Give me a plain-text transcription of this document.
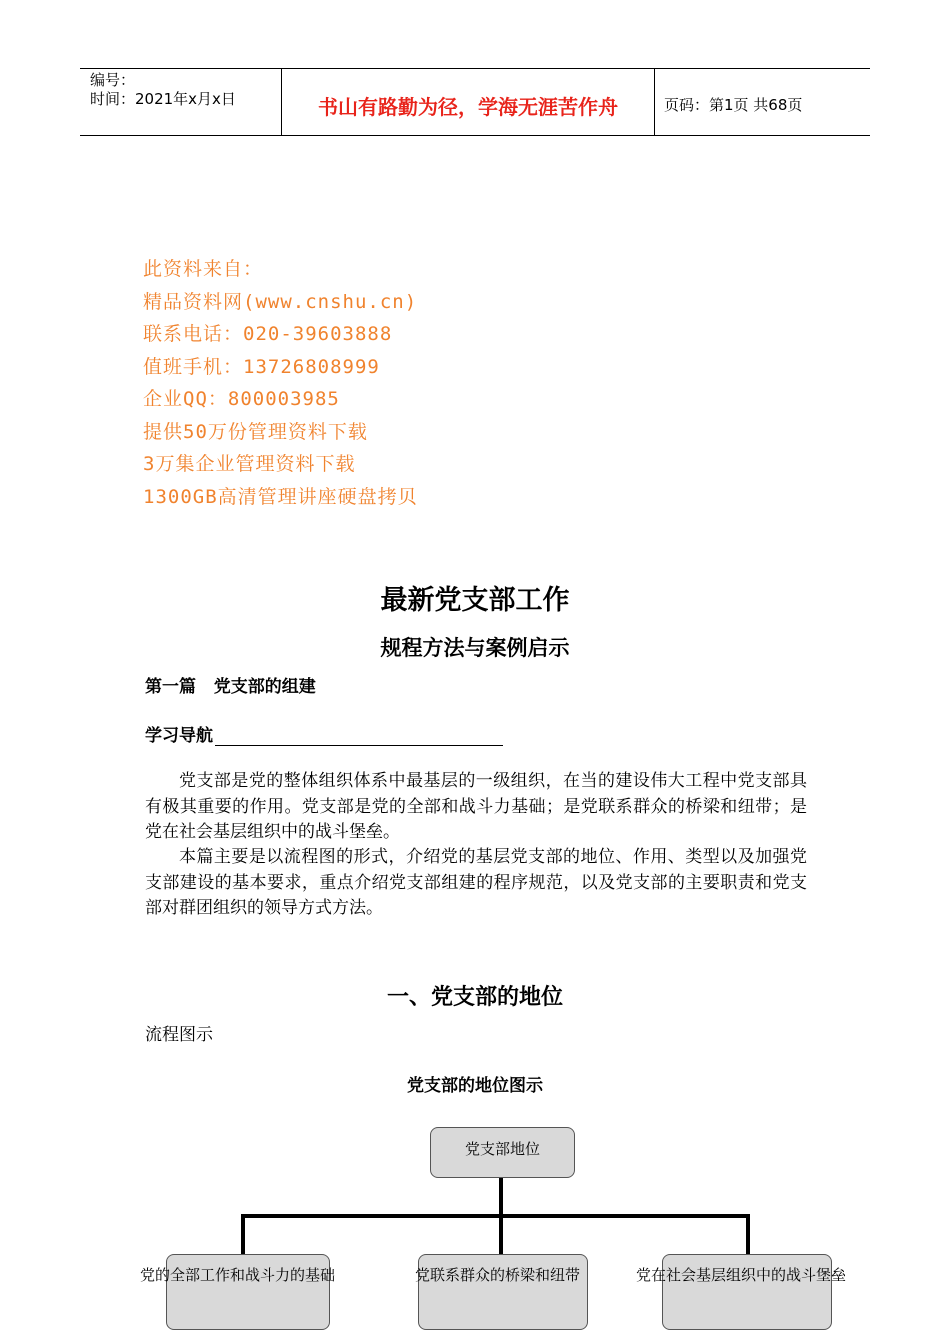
编号：
时间：2021年x月x日	书山有路勤为径，学海无涯苦作舟	页码：第1页 共68页
此资料来自：
精品资料网(www.cnshu.cn)
联系电话：020-39603888
值班手机：13726808999
企业QQ：800003985
提供50万份管理资料下载
3万集企业管理资料下载
1300GB高清管理讲座硬盘拷贝
最新党支部工作
规程方法与案例启示
第一篇   党支部的组建
学习导航
党支部是党的整体组织体系中最基层的一级组织，在当的建设伟大工程中党支部具有极其重要的作用。党支部是党的全部和战斗力基础；是党联系群众的桥梁和纽带；是党在社会基层组织中的战斗堡垒。
本篇主要是以流程图的形式，介绍党的基层党支部的地位、作用、类型以及加强党支部建设的基本要求，重点介绍党支部组建的程序规范，以及党支部的主要职责和党支部对群团组织的领导方式方法。
一、党支部的地位
流程图示
党支部的地位图示
党支部地位
党的全部工作和战斗力的基础	党联系群众的桥梁和纽带	党在社会基层组织中的战斗堡垒
